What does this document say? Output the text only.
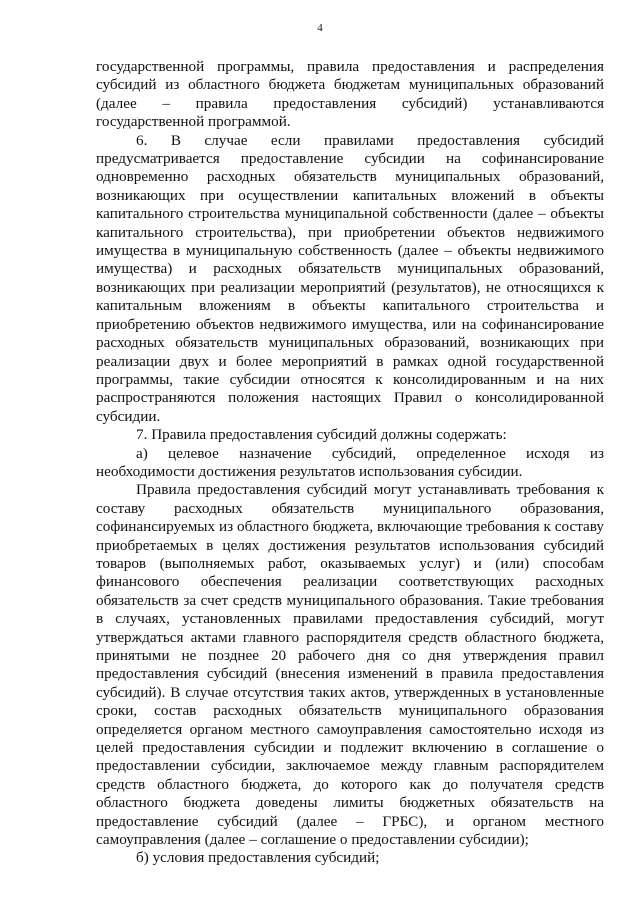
4

государственной программы, правила предоставления и распределения субсидий из областного бюджета бюджетам муниципальных образований (далее – правила предоставления субсидий) устанавливаются государственной программой.

6. В случае если правилами предоставления субсидий предусматривается предоставление субсидии на софинансирование одновременно расходных обязательств муниципальных образований, возникающих при осуществлении капитальных вложений в объекты капитального строительства муниципальной собственности (далее – объекты капитального строительства), при приобретении объектов недвижимого имущества в муниципальную собственность (далее – объекты недвижимого имущества) и расходных обязательств муниципальных образований, возникающих при реализации мероприятий (результатов), не относящихся к капитальным вложениям в объекты капитального строительства и приобретению объектов недвижимого имущества, или на софинансирование расходных обязательств муниципальных образований, возникающих при реализации двух и более мероприятий в рамках одной государственной программы, такие субсидии относятся к консолидированным и на них распространяются положения настоящих Правил о консолидированной субсидии.

7. Правила предоставления субсидий должны содержать:

а) целевое назначение субсидий, определенное исходя из необходимости достижения результатов использования субсидии.

Правила предоставления субсидий могут устанавливать требования к составу расходных обязательств муниципального образования, софинансируемых из областного бюджета, включающие требования к составу приобретаемых в целях достижения результатов использования субсидий товаров (выполняемых работ, оказываемых услуг) и (или) способам финансового обеспечения реализации соответствующих расходных обязательств за счет средств муниципального образования. Такие требования в случаях, установленных правилами предоставления субсидий, могут утверждаться актами главного распорядителя средств областного бюджета, принятыми не позднее 20 рабочего дня со дня утверждения правил предоставления субсидий (внесения изменений в правила предоставления субсидий). В случае отсутствия таких актов, утвержденных в установленные сроки, состав расходных обязательств муниципального образования определяется органом местного самоуправления самостоятельно исходя из целей предоставления субсидии и подлежит включению в соглашение о предоставлении субсидии, заключаемое между главным распорядителем средств областного бюджета, до которого как до получателя средств областного бюджета доведены лимиты бюджетных обязательств на предоставление субсидий (далее – ГРБС), и органом местного самоуправления (далее – соглашение о предоставлении субсидии);

б) условия предоставления субсидий;
